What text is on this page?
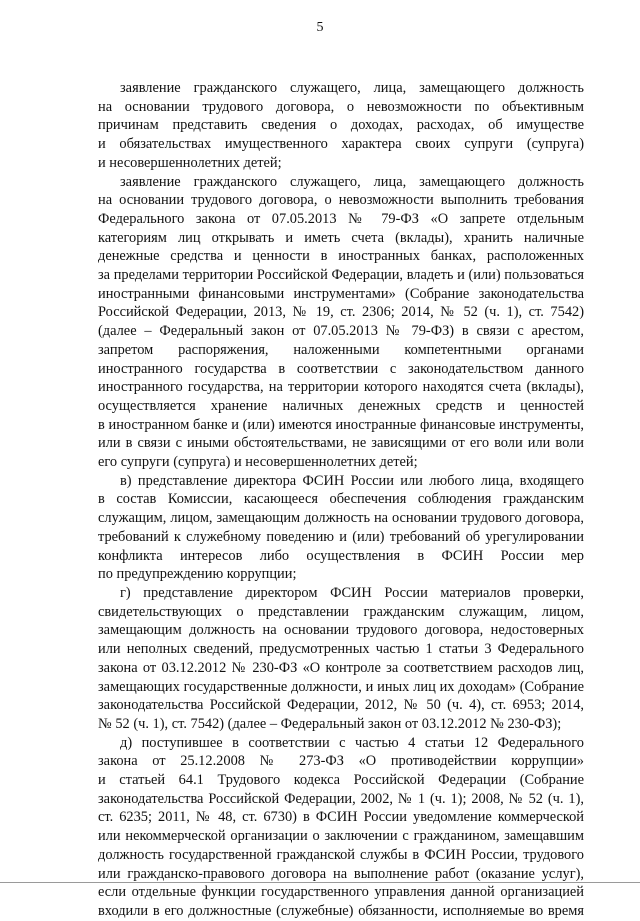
5

заявление гражданского служащего, лица, замещающего должность
на основании трудового договора, о невозможности по объективным
причинам представить сведения о доходах, расходах, об имуществе
и обязательствах имущественного характера своих супруги (супруга)
и несовершеннолетних детей;

заявление гражданского служащего, лица, замещающего должность
на основании трудового договора, о невозможности выполнить требования
Федерального закона от 07.05.2013 № 79-ФЗ «О запрете отдельным
категориям лиц открывать и иметь счета (вклады), хранить наличные
денежные средства и ценности в иностранных банках, расположенных
за пределами территории Российской Федерации, владеть и (или) пользоваться
иностранными финансовыми инструментами» (Собрание законодательства
Российской Федерации, 2013, № 19, ст. 2306; 2014, № 52 (ч. 1), ст. 7542)
(далее – Федеральный закон от 07.05.2013 № 79-ФЗ) в связи с арестом,
запретом распоряжения, наложенными компетентными органами
иностранного государства в соответствии с законодательством данного
иностранного государства, на территории которого находятся счета (вклады),
осуществляется хранение наличных денежных средств и ценностей
в иностранном банке и (или) имеются иностранные финансовые инструменты,
или в связи с иными обстоятельствами, не зависящими от его воли или воли
его супруги (супруга) и несовершеннолетних детей;

в) представление директора ФСИН России или любого лица, входящего
в состав Комиссии, касающееся обеспечения соблюдения гражданским
служащим, лицом, замещающим должность на основании трудового договора,
требований к служебному поведению и (или) требований об урегулировании
конфликта интересов либо осуществления в ФСИН России мер
по предупреждению коррупции;

г) представление директором ФСИН России материалов проверки,
свидетельствующих о представлении гражданским служащим, лицом,
замещающим должность на основании трудового договора, недостоверных
или неполных сведений, предусмотренных частью 1 статьи 3 Федерального
закона от 03.12.2012 № 230-ФЗ «О контроле за соответствием расходов лиц,
замещающих государственные должности, и иных лиц их доходам» (Собрание
законодательства Российской Федерации, 2012, № 50 (ч. 4), ст. 6953; 2014,
№ 52 (ч. 1), ст. 7542) (далее – Федеральный закон от 03.12.2012 № 230-ФЗ);

д) поступившее в соответствии с частью 4 статьи 12 Федерального
закона от 25.12.2008 № 273-ФЗ «О противодействии коррупции»
и статьей 64.1 Трудового кодекса Российской Федерации (Собрание
законодательства Российской Федерации, 2002, № 1 (ч. 1); 2008, № 52 (ч. 1),
ст. 6235; 2011, № 48, ст. 6730) в ФСИН России уведомление коммерческой
или некоммерческой организации о заключении с гражданином, замещавшим
должность государственной гражданской службы в ФСИН России, трудового
или гражданско-правового договора на выполнение работ (оказание услуг),
если отдельные функции государственного управления данной организацией
входили в его должностные (служебные) обязанности, исполняемые во время
